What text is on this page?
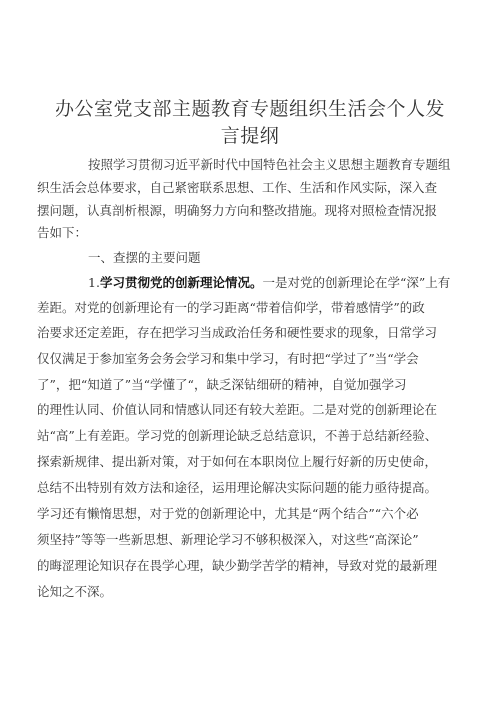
办公室党支部主题教育专题组织生活会个人发
言提纲
按照学习贯彻习近平新时代中国特色社会主义思想主题教育专题组
织生活会总体要求，自己紧密联系思想、工作、生活和作风实际，深入查
摆问题，认真剖析根源，明确努力方向和整改措施。现将对照检查情况报
告如下：
一、查摆的主要问题
1.学习贯彻党的创新理论情况。一是对党的创新理论在学“深”上有
差距。对党的创新理论有一的学习距离“带着信仰学，带着感情学”的政
治要求还定差距，存在把学习当成政治任务和硬性要求的现象，日常学习
仅仅满足于参加室务会务会学习和集中学习，有时把“学过了”当“学会
了”，把“知道了”当“学懂了“，缺乏深钻细研的精神，自觉加强学习
的理性认同、价值认同和情感认同还有较大差距。二是对党的创新理论在
站“高”上有差距。学习党的创新理论缺乏总结意识，不善于总结新经验、
探索新规律、提出新对策，对于如何在本职岗位上履行好新的历史使命，
总结不出特别有效方法和途径，运用理论解决实际问题的能力亟待提高。
学习还有懒惰思想，对于党的创新理论中，尤其是“两个结合”“六个必
须坚持”等等一些新思想、新理论学习不够积极深入，对这些“高深论”
的晦涩理论知识存在畏学心理，缺少勤学苦学的精神，导致对党的最新理
论知之不深。
